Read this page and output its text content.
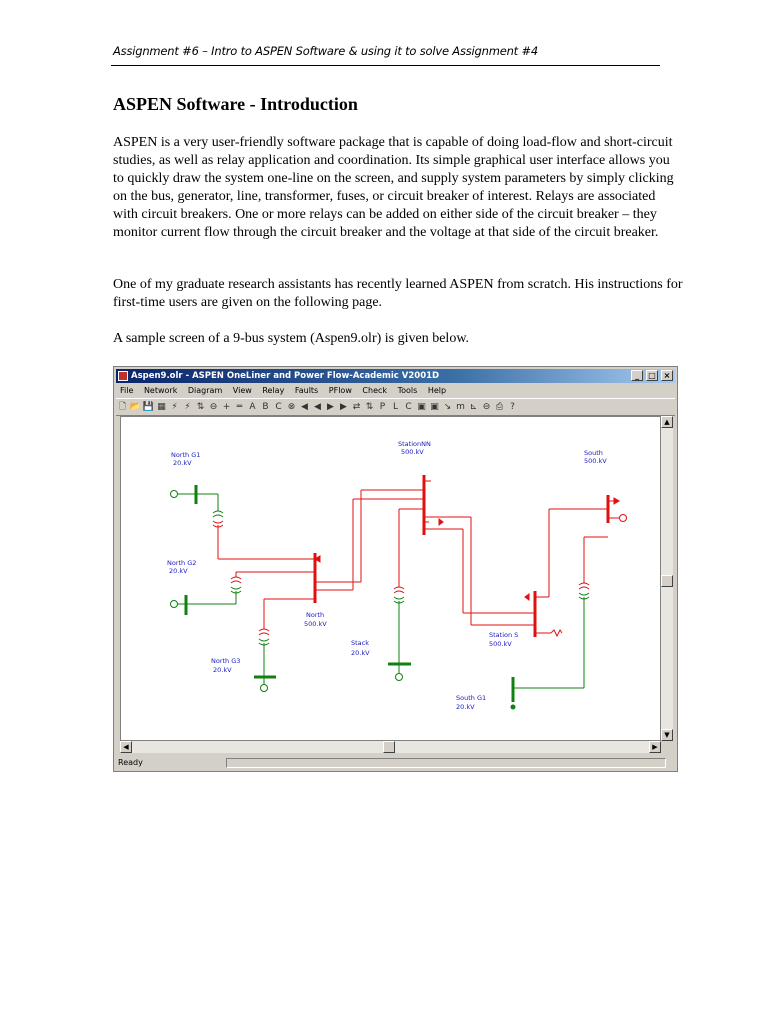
Assignment #6 – Intro to ASPEN Software & using it to solve Assignment #4
ASPEN Software - Introduction

ASPEN is a very user-friendly software package that is capable of doing load-flow and short-circuit studies, as well as relay application and coordination. Its simple graphical user interface allows you to quickly draw the system one-line on the screen, and supply system parameters by simply clicking on the bus, generator, line, transformer, fuses, or circuit breaker of interest. Relays are associated with circuit breakers. One or more relays can be added on either side of the circuit breaker – they monitor current flow through the circuit breaker and the voltage at that side of the circuit breaker.

One of my graduate research assistants has recently learned ASPEN from scratch. His instructions for first-time users are given on the following page.

A sample screen of a 9-bus system (Aspen9.olr) is given below.

Aspen9.olr - ASPEN OneLiner and Power Flow-Academic V2001D	_ □ ×
File Network Diagram View Relay Faults PFlow Check Tools Help
🗋 📂 💾 ▦ ⚡ ⚡ ⇅ ⊖ + ═ A B C ⊗ ◀ ◀ ▶ ▶ ⇄ ⇅ P L C ▣ ▣ ↘ m ⊾ ⊖ ⎙ ?
North G1
20.kV
StationNN
500.kV	South
500.kV
North G2
20.kV
North
500.kV
Stack
20.kV
Station S
500.kV
North G3
20.kV
South G1
20.kV
▲
▼
◀	▶
Ready
